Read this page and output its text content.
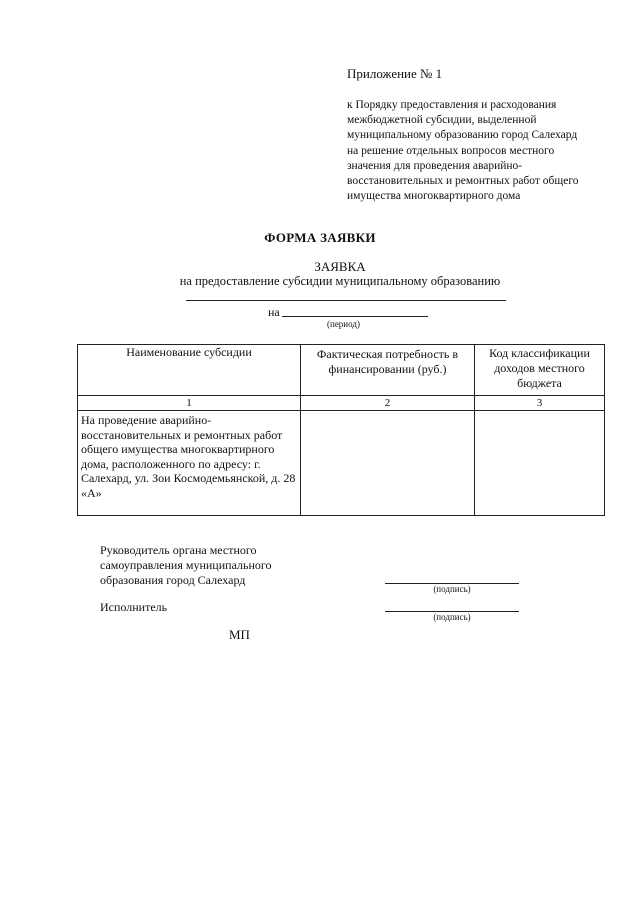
Приложение № 1
к Порядку предоставления и расходования
межбюджетной субсидии, выделенной
муниципальному образованию город Салехард
на решение отдельных вопросов местного
значения для проведения аварийно-
восстановительных и ремонтных работ общего
имущества многоквартирного дома
ФОРМА ЗАЯВКИ
ЗАЯВКА
на предоставление субсидии муниципальному образованию
на
(период)
Наименование субсидии	Фактическая потребность в финансировании (руб.)	Код классификации доходов местного бюджета
1	2	3
На проведение аварийно-восстановительных и ремонтных работ общего имущества многоквартирного дома, расположенного по адресу: г. Салехард, ул. Зои Космодемьянской, д. 28 «А»		
Руководитель органа местного
самоуправления муниципального
образования город Салехард
(подпись)
Исполнитель
(подпись)
МП
